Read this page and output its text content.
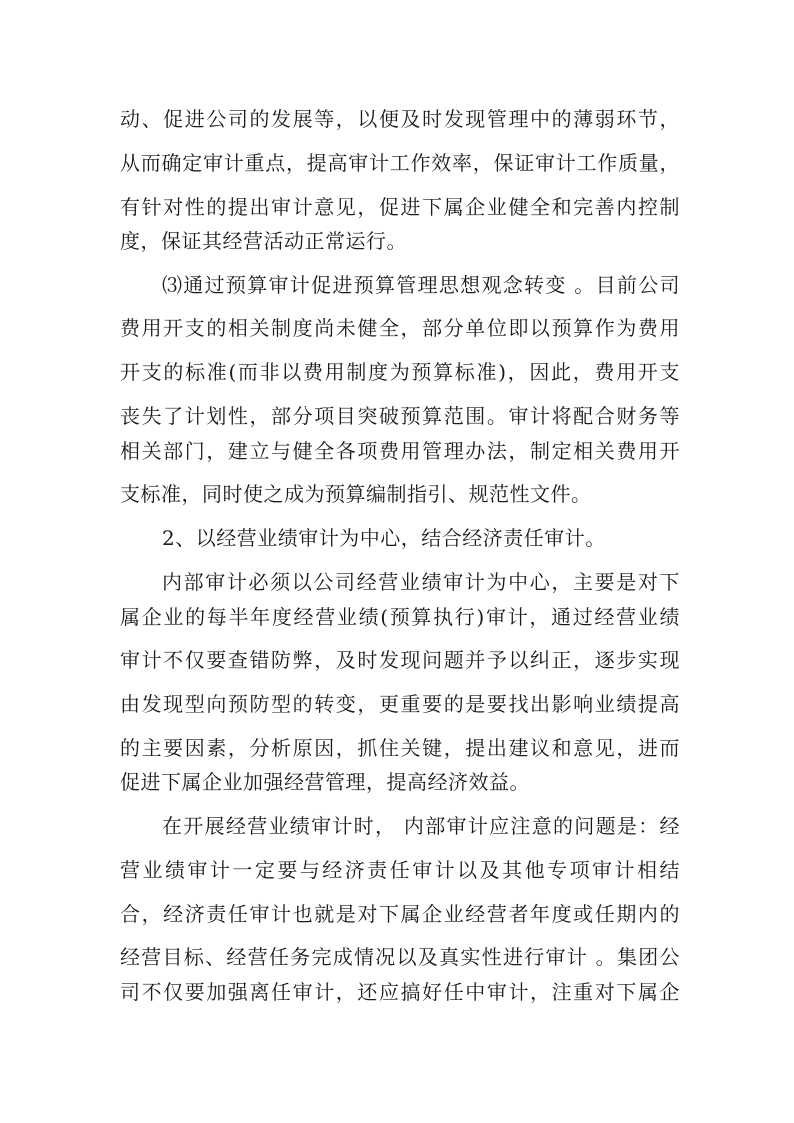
动、促进公司的发展等，以便及时发现管理中的薄弱环节，
从而确定审计重点，提高审计工作效率，保证审计工作质量，
有针对性的提出审计意见，促进下属企业健全和完善内控制
度，保证其经营活动正常运行。
⑶通过预算审计促进预算管理思想观念转变 。目前公司
费用开支的相关制度尚未健全，部分单位即以预算作为费用
开支的标准(而非以费用制度为预算标准)，因此，费用开支
丧失了计划性，部分项目突破预算范围。审计将配合财务等
相关部门，建立与健全各项费用管理办法，制定相关费用开
支标准，同时使之成为预算编制指引、规范性文件。
2、以经营业绩审计为中心，结合经济责任审计。
内部审计必须以公司经营业绩审计为中心，主要是对下
属企业的每半年度经营业绩(预算执行)审计，通过经营业绩
审计不仅要查错防弊，及时发现问题并予以纠正，逐步实现
由发现型向预防型的转变，更重要的是要找出影响业绩提高
的主要因素，分析原因，抓住关键，提出建议和意见，进而
促进下属企业加强经营管理，提高经济效益。
在开展经营业绩审计时， 内部审计应注意的问题是：经
营业绩审计一定要与经济责任审计以及其他专项审计相结
合，经济责任审计也就是对下属企业经营者年度或任期内的
经营目标、经营任务完成情况以及真实性进行审计 。集团公
司不仅要加强离任审计，还应搞好任中审计，注重对下属企
